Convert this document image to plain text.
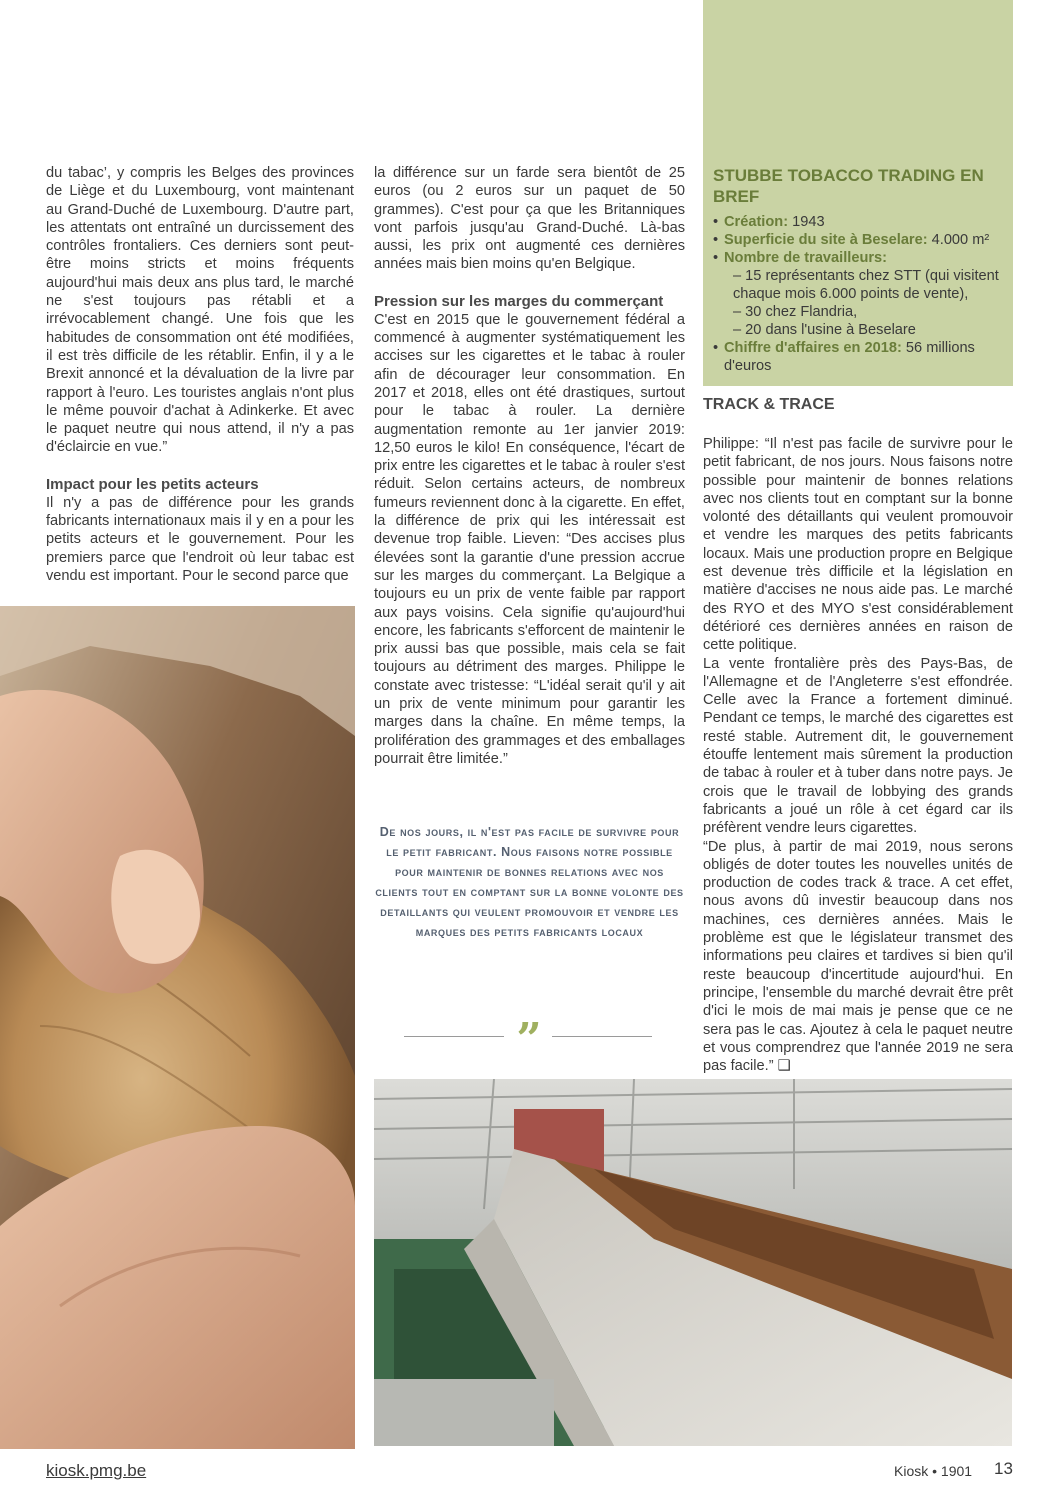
du tabac’, y compris les Belges des provinces de Liège et du Luxembourg, vont maintenant au Grand-Duché de Luxembourg. D'autre part, les attentats ont entraîné un durcissement des contrôles frontaliers. Ces derniers sont peut-être moins stricts et moins fréquents aujourd'hui mais deux ans plus tard, le marché ne s'est toujours pas rétabli et a irrévocablement changé. Une fois que les habitudes de consommation ont été modifiées, il est très difficile de les rétablir. Enfin, il y a le Brexit annoncé et la dévaluation de la livre par rapport à l'euro. Les touristes anglais n'ont plus le même pouvoir d'achat à Adinkerke. Et avec le paquet neutre qui nous attend, il n'y a pas d'éclaircie en vue.”

Impact pour les petits acteurs

Il n'y a pas de différence pour les grands fabricants internationaux mais il y en a pour les petits acteurs et le gouvernement. Pour les premiers parce que l'endroit où leur tabac est vendu est important. Pour le second parce que

la différence sur un farde sera bientôt de 25 euros (ou 2 euros sur un paquet de 50 grammes). C'est pour ça que les Britanniques vont parfois jusqu'au Grand-Duché. Là-bas aussi, les prix ont augmenté ces dernières années mais bien moins qu'en Belgique.

Pression sur les marges du commerçant

C'est en 2015 que le gouvernement fédéral a commencé à augmenter systématiquement les accises sur les cigarettes et le tabac à rouler afin de décourager leur consommation. En 2017 et 2018, elles ont été drastiques, surtout pour le tabac à rouler. La dernière augmentation remonte au 1er janvier 2019: 12,50 euros le kilo! En conséquence, l'écart de prix entre les cigarettes et le tabac à rouler s'est réduit. Selon certains acteurs, de nombreux fumeurs reviennent donc à la cigarette. En effet, la différence de prix qui les intéressait est devenue trop faible. Lieven: “Des accises plus élevées sont la garantie d'une pression accrue sur les marges du commerçant. La Belgique a toujours eu un prix de vente faible par rapport aux pays voisins. Cela signifie qu'aujourd'hui encore, les fabricants s'efforcent de maintenir le prix aussi bas que possible, mais cela se fait toujours au détriment des marges. Philippe le constate avec tristesse: “L'idéal serait qu'il y ait un prix de vente minimum pour garantir les marges dans la chaîne. En même temps, la prolifération des grammages et des emballages pourrait être limitée.”

De nos jours, il n'est pas facile de survivre pour le petit fabricant. Nous faisons notre possible pour maintenir de bonnes relations avec nos clients tout en comptant sur la bonne volonte des detaillants qui veulent promouvoir et vendre les marques des petits fabricants locaux
”
STUBBE TOBACCO TRADING EN BREF
• Création: 1943
• Superficie du site à Beselare: 4.000 m²
• Nombre de travailleurs:
– 15 représentants chez STT (qui visitent chaque mois 6.000 points de vente),
– 30 chez Flandria,
– 20 dans l'usine à Beselare
• Chiffre d'affaires en 2018: 56 millions d'euros
TRACK & TRACE

Philippe: “Il n'est pas facile de survivre pour le petit fabricant, de nos jours. Nous faisons notre possible pour maintenir de bonnes relations avec nos clients tout en comptant sur la bonne volonté des détaillants qui veulent promouvoir et vendre les marques des petits fabricants locaux. Mais une production propre en Belgique est devenue très difficile et la législation en matière d'accises ne nous aide pas. Le marché des RYO et des MYO s'est considérablement détérioré ces dernières années en raison de cette politique.

La vente frontalière près des Pays-Bas, de l'Allemagne et de l'Angleterre s'est effondrée. Celle avec la France a fortement diminué. Pendant ce temps, le marché des cigarettes est resté stable. Autrement dit, le gouvernement étouffe lentement mais sûrement la production de tabac à rouler et à tuber dans notre pays. Je crois que le travail de lobbying des grands fabricants a joué un rôle à cet égard car ils préfèrent vendre leurs cigarettes.

“De plus, à partir de mai 2019, nous serons obligés de doter toutes les nouvelles unités de production de codes track & trace. A cet effet, nous avons dû investir beaucoup dans nos machines, ces dernières années. Mais le problème est que le législateur transmet des informations peu claires et tardives si bien qu'il reste beaucoup d'incertitude aujourd'hui. En principe, l'ensemble du marché devrait être prêt d'ici le mois de mai mais je pense que ce ne sera pas le cas. Ajoutez à cela le paquet neutre et vous comprendrez que l'année 2019 ne sera pas facile.” ❑

kiosk.pmg.be	Kiosk • 1901 13
